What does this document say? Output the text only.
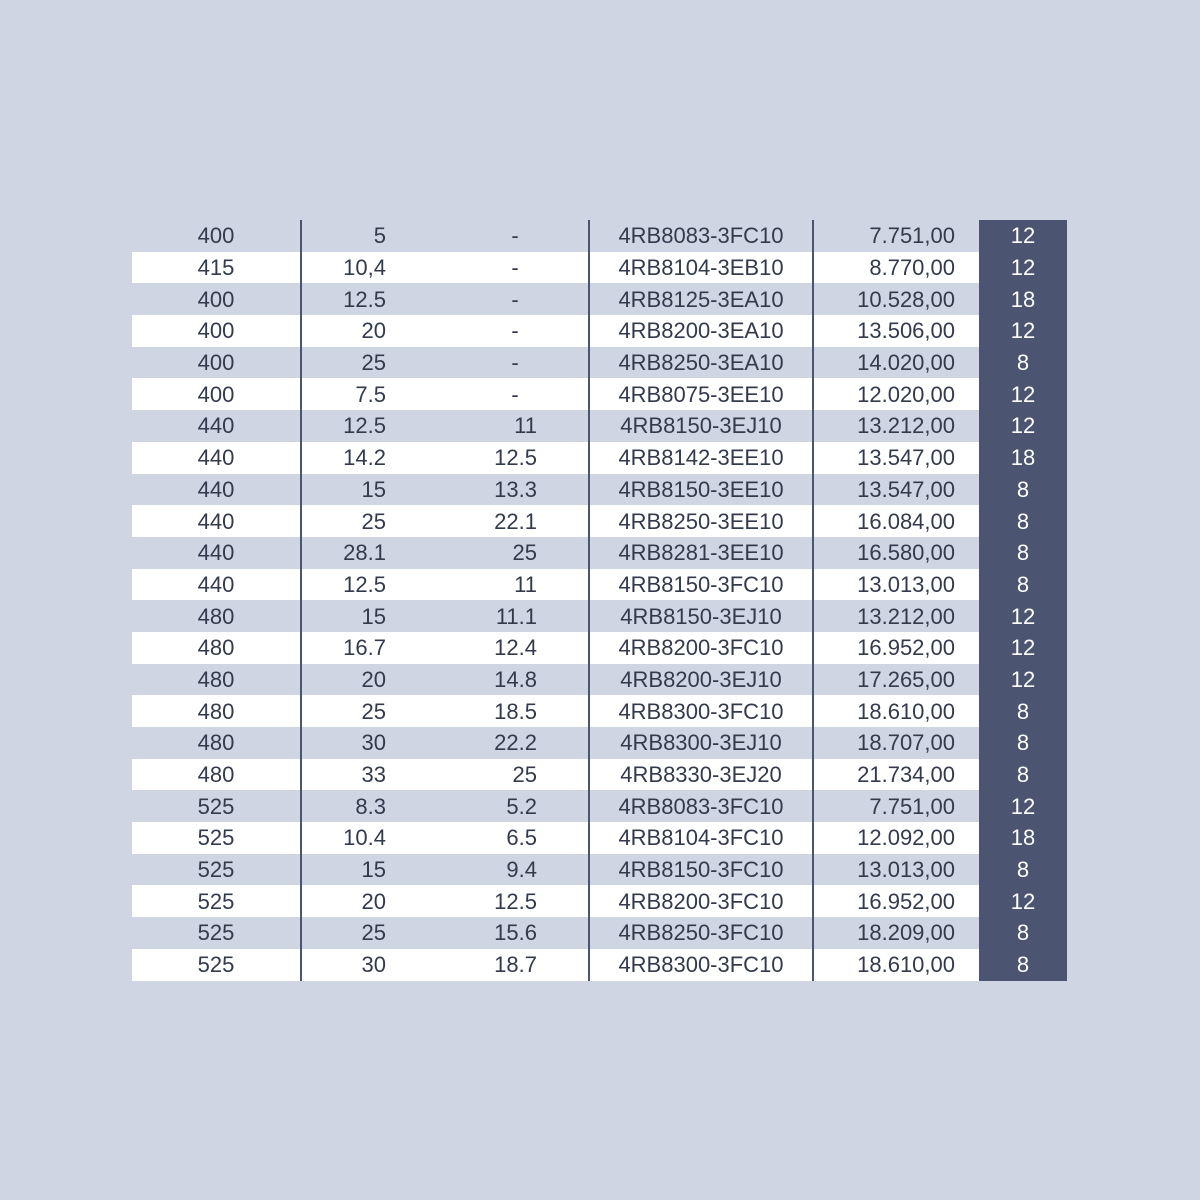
400	5	-	4RB8083-3FC10	7.751,00	12
415	10,4	-	4RB8104-3EB10	8.770,00	12
400	12.5	-	4RB8125-3EA10	10.528,00	18
400	20	-	4RB8200-3EA10	13.506,00	12
400	25	-	4RB8250-3EA10	14.020,00	8
400	7.5	-	4RB8075-3EE10	12.020,00	12
440	12.5	11	4RB8150-3EJ10	13.212,00	12
440	14.2	12.5	4RB8142-3EE10	13.547,00	18
440	15	13.3	4RB8150-3EE10	13.547,00	8
440	25	22.1	4RB8250-3EE10	16.084,00	8
440	28.1	25	4RB8281-3EE10	16.580,00	8
440	12.5	11	4RB8150-3FC10	13.013,00	8
480	15	11.1	4RB8150-3EJ10	13.212,00	12
480	16.7	12.4	4RB8200-3FC10	16.952,00	12
480	20	14.8	4RB8200-3EJ10	17.265,00	12
480	25	18.5	4RB8300-3FC10	18.610,00	8
480	30	22.2	4RB8300-3EJ10	18.707,00	8
480	33	25	4RB8330-3EJ20	21.734,00	8
525	8.3	5.2	4RB8083-3FC10	7.751,00	12
525	10.4	6.5	4RB8104-3FC10	12.092,00	18
525	15	9.4	4RB8150-3FC10	13.013,00	8
525	20	12.5	4RB8200-3FC10	16.952,00	12
525	25	15.6	4RB8250-3FC10	18.209,00	8
525	30	18.7	4RB8300-3FC10	18.610,00	8
